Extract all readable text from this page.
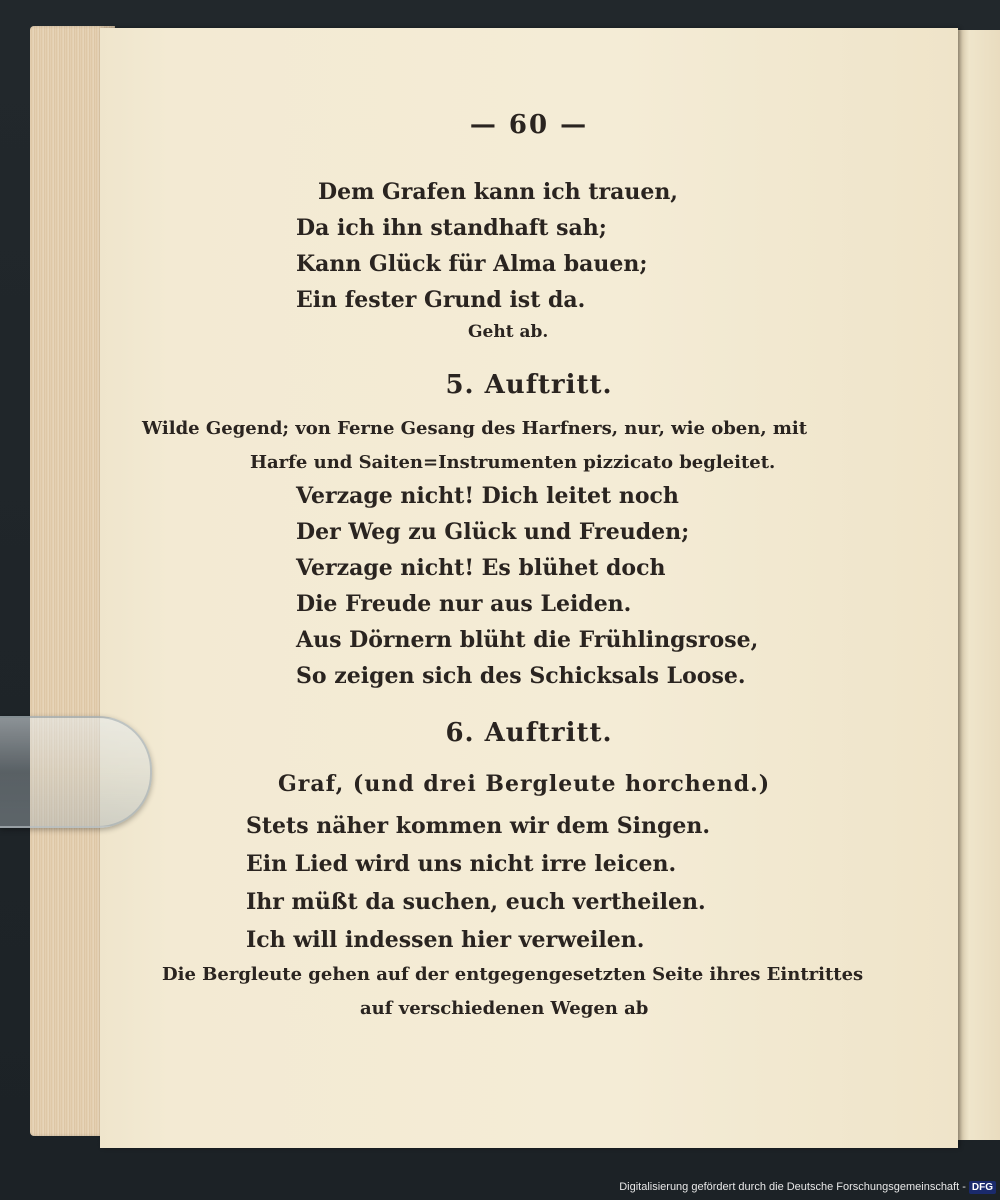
— 60 —
Dem Grafen kann ich trauen,
Da ich ihn standhaft sah;
Kann Glück für Alma bauen;
Ein fester Grund ist da.
Geht ab.
5. Auftritt.
Wilde Gegend; von Ferne Gesang des Harfners, nur, wie oben, mit
Harfe und Saiten=Instrumenten pizzicato begleitet.
Verzage nicht! Dich leitet noch
Der Weg zu Glück und Freuden;
Verzage nicht! Es blühet doch
Die Freude nur aus Leiden.
Aus Dörnern blüht die Frühlingsrose,
So zeigen sich des Schicksals Loose.
6. Auftritt.
Graf, (und drei Bergleute horchend.)
Stets näher kommen wir dem Singen.
Ein Lied wird uns nicht irre leicen.
Ihr müßt da suchen, euch vertheilen.
Ich will indessen hier verweilen.
Die Bergleute gehen auf der entgegengesetzten Seite ihres Eintrittes
auf verschiedenen Wegen ab
Digitalisierung gefördert durch die Deutsche Forschungsgemeinschaft - DFG
